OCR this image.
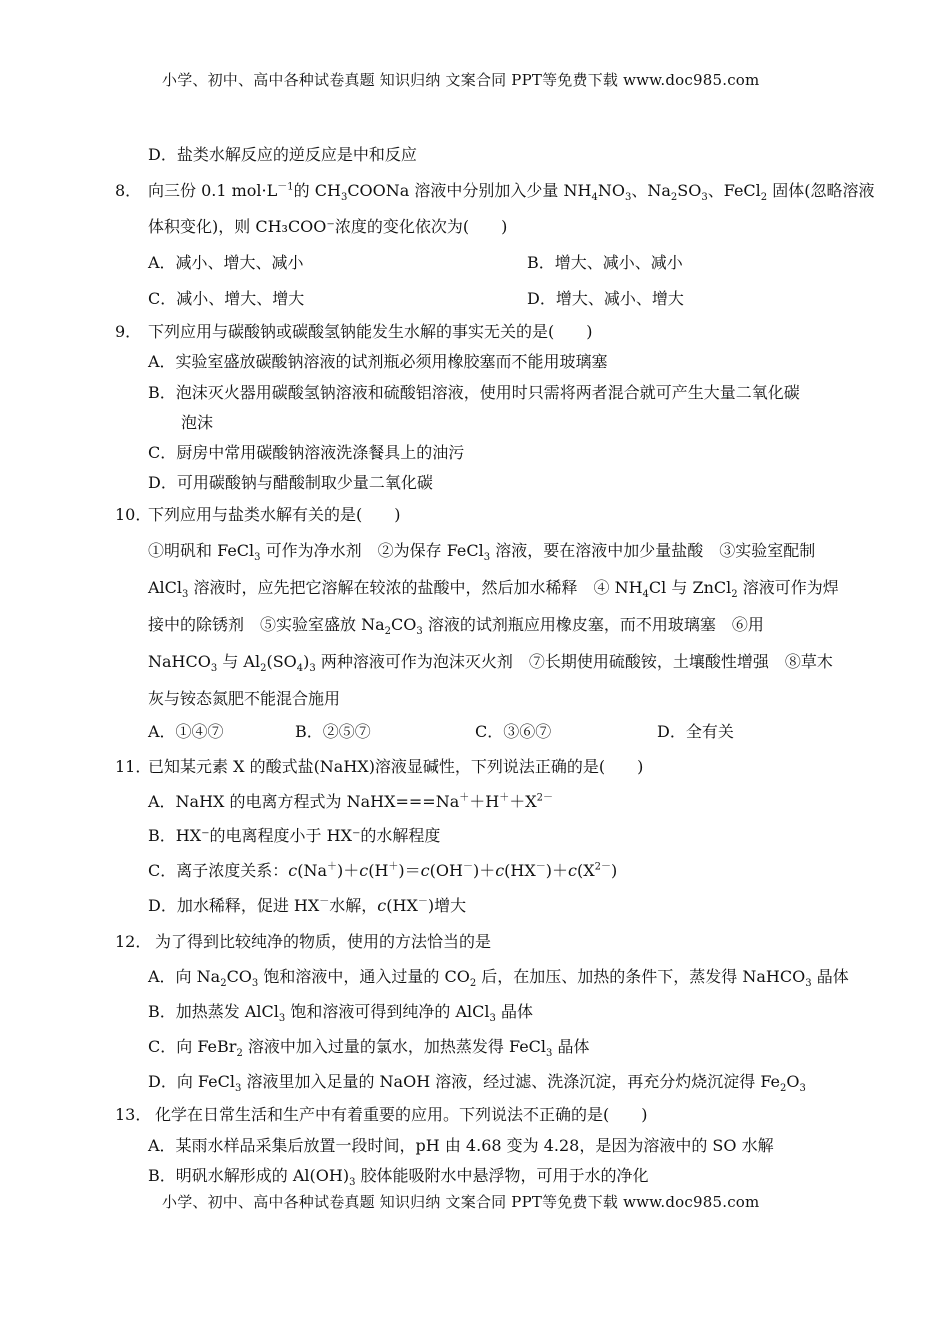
小学、初中、高中各种试卷真题 知识归纳 文案合同 PPT等免费下载 www.doc985.com
D．盐类水解反应的逆反应是中和反应
8． 向三份 0.1 $mol\cdot L^{-1}$的 $CH_3COONa$ 溶液中分别加入少量 $NH_4NO_3$、$Na_2SO_3$、FeCl$_2$ 固体(忽略溶液
体积变化)，则 CH₃COO⁻浓度的变化依次为(　　)
A．减小、增大、减小	B．增大、减小、减小
C．减小、增大、增大	D．增大、减小、增大
9． 下列应用与碳酸钠或碳酸氢钠能发生水解的事实无关的是(　　)
A．实验室盛放碳酸钠溶液的试剂瓶必须用橡胶塞而不能用玻璃塞
B．泡沫灭火器用碳酸氢钠溶液和硫酸铝溶液，使用时只需将两者混合就可产生大量二氧化碳
泡沫
C．厨房中常用碳酸钠溶液洗涤餐具上的油污
D．可用碳酸钠与醋酸制取少量二氧化碳
10．
下列应用与盐类水解有关的是(　　)
①明矾和 FeCl$_3$ 可作为净水剂　②为保存 FeCl$_3$ 溶液，要在溶液中加少量盐酸　③实验室配制
AlCl$_3$ 溶液时，应先把它溶解在较浓的盐酸中，然后加水稀释　④ $NH_4Cl$ 与 ZnCl$_2$ 溶液可作为焊
接中的除锈剂　⑤实验室盛放 $Na_2CO_3$ 溶液的试剂瓶应用橡皮塞，而不用玻璃塞　⑥用
NaHCO$_3$ 与 $Al_2(SO_4)_3$ 两种溶液可作为泡沫灭火剂　⑦长期使用硫酸铵，土壤酸性增强　⑧草木
灰与铵态氮肥不能混合施用
A．①④⑦	B．②⑤⑦	C．③⑥⑦	D．全有关
11．
已知某元素 X 的酸式盐(NaHX)溶液显碱性，下列说法正确的是(　　)
A．NaHX 的电离方程式为 $NaHX===Na^++H^++X^{2-}$
B．HX⁻的电离程度小于 HX⁻的水解程度
C．离子浓度关系：$c(Na^+)+c(H^+)=c(OH^-)+c(HX^-)+c(X^{2-})$
D．加水稀释，促进 HX－水解，c(HX－)增大
12． 为了得到比较纯净的物质，使用的方法恰当的是
A．向 $Na_2CO_3$ 饱和溶液中，通入过量的 $CO_2$ 后，在加压、加热的条件下，蒸发得 NaHCO$_3$ 晶体
B．加热蒸发 AlCl$_3$ 饱和溶液可得到纯净的 AlCl$_3$ 晶体
C．向 FeBr$_2$ 溶液中加入过量的氯水，加热蒸发得 FeCl$_3$ 晶体
D．向 FeCl$_3$ 溶液里加入足量的 NaOH 溶液，经过滤、洗涤沉淀，再充分灼烧沉淀得 $Fe_2O_3$
13． 化学在日常生活和生产中有着重要的应用。下列说法不正确的是(　　)
A．某雨水样品采集后放置一段时间，pH 由 4.68 变为 4.28，是因为溶液中的 SO 水解
B．明矾水解形成的 $Al(OH)_3$ 胶体能吸附水中悬浮物，可用于水的净化
小学、初中、高中各种试卷真题 知识归纳 文案合同 PPT等免费下载 www.doc985.com
